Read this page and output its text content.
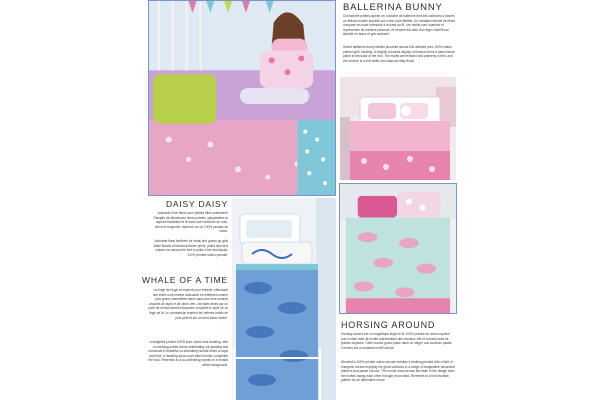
BALLERINA BUNNY

Chérubinée petites lapines en costume de ballerine font des cabrioles à travers ce délicat modèle imprimé pur coton pour fillettes. Un éclatant éventail de fleurs compose en toute harmonie à la base du lit. Les motifs sont nuancés et représentés de manière pictorale, et l'envers est doté d'un léger motif floral tâcheté en blanc et gris ardoisée.

Sweet ballerina bunny rabbits pirouette across this delicate pure 100% cotton printed girls' bedding. A brightly coloured display of flowers forms a harmonious panel at the base of the bed. The motifs are textured and painterly in feel, and the reverse is a soft white and charcoal ditsy floral.

DAISY DAISY

Adorable lit de fleurs pour petites filles seulement! Panglier de fabuleuses fleurs peintes, pâquerettes et rayures travaillant le lit dans une harmonie de rose, citron et turquoise. Imprimé sur un 100% percale de coton.

Adorable floral bedlinen for small and grown-up girls alike! Bands of fabulous flower prints, polka dots and stripes run across the bed in pinks, lime and aquas. 100% printed cotton percale.

WHALE OF A TIME

Un linge de lit gai et imprimé pour enfants, effectuant une entre-roue marine amusante et célébrant comme plus grand mammifère marin dans des tons neutres assortis de lapis et de citron vert. Les taies finies par un point de rectouvrement turquoise complète le style de ce linge de lit. Le commercial reprend les mêmes motifs en plus petit et sur un fond blanc neutre.

A delightful printed 100% pure cotton kids bedding, with a charming ocean scene celebrating our greatest sea mammals in beautiful co-ordinating neutral tones of lapis and lime. A dazzling aqua cover stitch border completes the look. Reverses to a co-ordinating repeat on a neutral white background.

HORSING AROUND

Horsing Around est un magnifique linge de lit 100% percale de coton imprimé pour enfant doté de motifs représentant des chevaux vifs et courant dans de grands espaces. Cette course grand place dans un verger aux couleurs pastel. L'envers est un éclatant motif fuchsia.

Wonderful 100% printed cotton percale children's bedding printed with a field of energetic horses enjoying the great outdoors in a range of imaginative decorative patterns and pastel colours. The runner band across the base of the design sees the horses racing each other through an orchard. Reverses to a bold fuchsia pattern for an alternative mood.
